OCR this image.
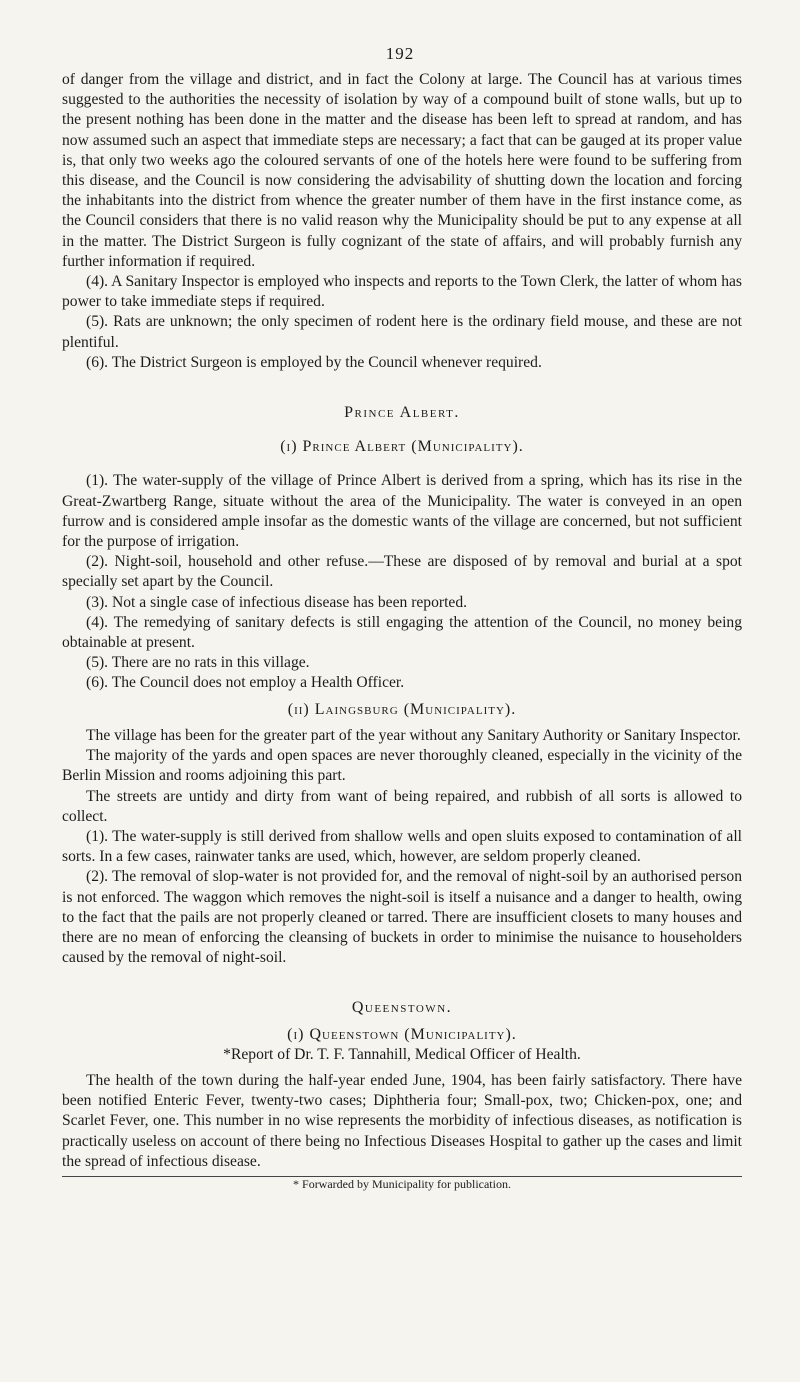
192

of danger from the village and district, and in fact the Colony at large. The Council has at various times suggested to the authorities the necessity of isolation by way of a compound built of stone walls, but up to the present nothing has been done in the matter and the disease has been left to spread at random, and has now assumed such an aspect that immediate steps are necessary; a fact that can be gauged at its proper value is, that only two weeks ago the coloured servants of one of the hotels here were found to be suffering from this disease, and the Council is now considering the advisability of shutting down the location and forcing the inhabitants into the district from whence the greater number of them have in the first instance come, as the Council considers that there is no valid reason why the Municipality should be put to any expense at all in the matter. The District Surgeon is fully cognizant of the state of affairs, and will probably furnish any further information if required.

(4). A Sanitary Inspector is employed who inspects and reports to the Town Clerk, the latter of whom has power to take immediate steps if required.

(5). Rats are unknown; the only specimen of rodent here is the ordinary field mouse, and these are not plentiful.

(6). The District Surgeon is employed by the Council whenever required.

Prince Albert.

(i) Prince Albert (Municipality).

(1). The water-supply of the village of Prince Albert is derived from a spring, which has its rise in the Great-Zwartberg Range, situate without the area of the Municipality. The water is conveyed in an open furrow and is considered ample insofar as the domestic wants of the village are concerned, but not sufficient for the purpose of irrigation.

(2). Night-soil, household and other refuse.—These are disposed of by removal and burial at a spot specially set apart by the Council.

(3). Not a single case of infectious disease has been reported.

(4). The remedying of sanitary defects is still engaging the attention of the Council, no money being obtainable at present.

(5). There are no rats in this village.

(6). The Council does not employ a Health Officer.

(ii) Laingsburg (Municipality).

The village has been for the greater part of the year without any Sanitary Authority or Sanitary Inspector.

The majority of the yards and open spaces are never thoroughly cleaned, especially in the vicinity of the Berlin Mission and rooms adjoining this part.

The streets are untidy and dirty from want of being repaired, and rubbish of all sorts is allowed to collect.

(1). The water-supply is still derived from shallow wells and open sluits exposed to contamination of all sorts. In a few cases, rainwater tanks are used, which, however, are seldom properly cleaned.

(2). The removal of slop-water is not provided for, and the removal of night-soil by an authorised person is not enforced. The waggon which removes the night-soil is itself a nuisance and a danger to health, owing to the fact that the pails are not properly cleaned or tarred. There are insufficient closets to many houses and there are no mean of enforcing the cleansing of buckets in order to minimise the nuisance to householders caused by the removal of night-soil.

Queenstown.

(i) Queenstown (Municipality).

*Report of Dr. T. F. Tannahill, Medical Officer of Health.

The health of the town during the half-year ended June, 1904, has been fairly satisfactory. There have been notified Enteric Fever, twenty-two cases; Diphtheria four; Small-pox, two; Chicken-pox, one; and Scarlet Fever, one. This number in no wise represents the morbidity of infectious diseases, as notification is practically useless on account of there being no Infectious Diseases Hospital to gather up the cases and limit the spread of infectious disease.

* Forwarded by Municipality for publication.
